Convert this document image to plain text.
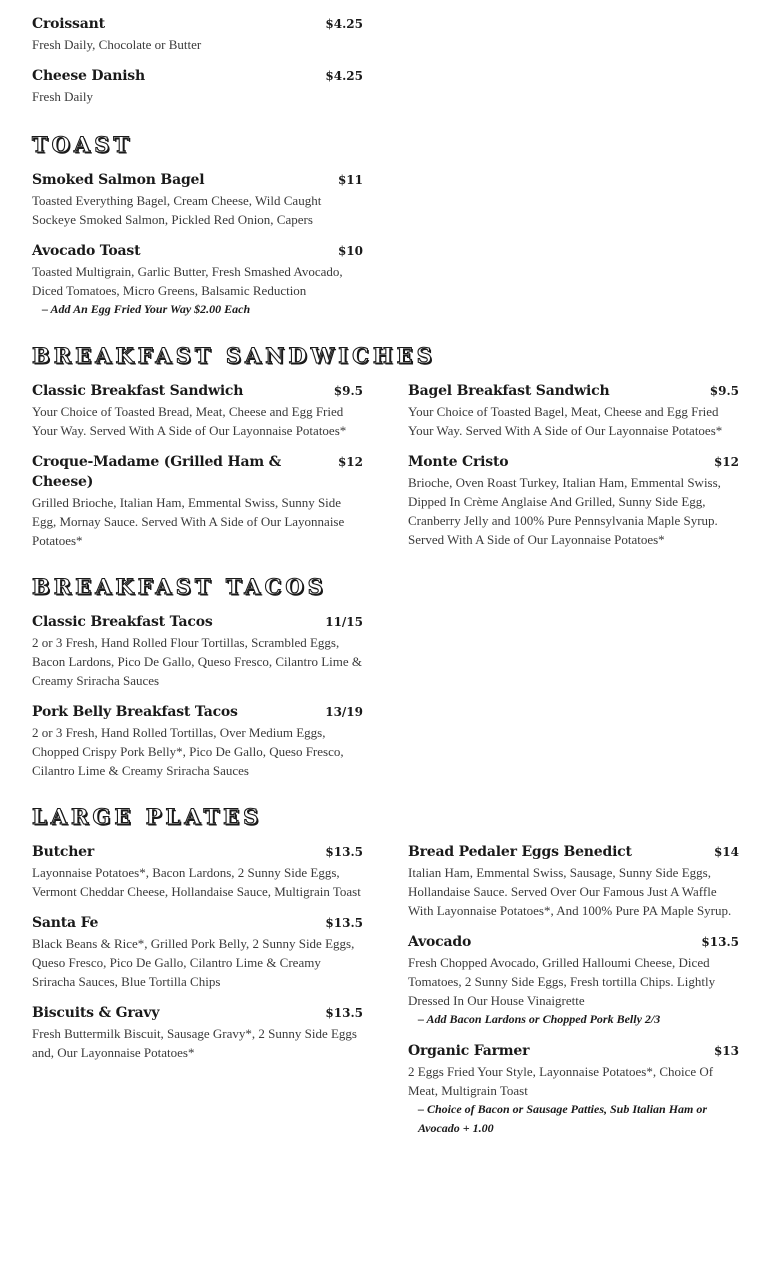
Croissant	$4.25
Fresh Daily, Chocolate or Butter
Cheese Danish	$4.25
Fresh Daily
TOAST
Smoked Salmon Bagel	$11
Toasted Everything Bagel, Cream Cheese, Wild Caught Sockeye Smoked Salmon, Pickled Red Onion, Capers
Avocado Toast	$10
Toasted Multigrain, Garlic Butter, Fresh Smashed Avocado, Diced Tomatoes, Micro Greens, Balsamic Reduction
– Add An Egg Fried Your Way $2.00 Each
BREAKFAST SANDWICHES
Classic Breakfast Sandwich	$9.5
Your Choice of Toasted Bread, Meat, Cheese and Egg Fried Your Way. Served With A Side of Our Layonnaise Potatoes*
Croque-Madame (Grilled Ham & Cheese)
$12
Grilled Brioche, Italian Ham, Emmental Swiss, Sunny Side Egg, Mornay Sauce. Served With A Side of Our Layonnaise Potatoes*
Bagel Breakfast Sandwich	$9.5
Your Choice of Toasted Bagel, Meat, Cheese and Egg Fried Your Way. Served With A Side of Our Layonnaise Potatoes*
Monte Cristo	$12
Brioche, Oven Roast Turkey, Italian Ham, Emmental Swiss, Dipped In Crème Anglaise And Grilled, Sunny Side Egg, Cranberry Jelly and 100% Pure Pennsylvania Maple Syrup. Served With A Side of Our Layonnaise Potatoes*
BREAKFAST TACOS
Classic Breakfast Tacos	11/15
2 or 3 Fresh, Hand Rolled Flour Tortillas, Scrambled Eggs, Bacon Lardons, Pico De Gallo, Queso Fresco, Cilantro Lime & Creamy Sriracha Sauces
Pork Belly Breakfast Tacos	13/19
2 or 3 Fresh, Hand Rolled Tortillas, Over Medium Eggs, Chopped Crispy Pork Belly*, Pico De Gallo, Queso Fresco, Cilantro Lime & Creamy Sriracha Sauces
LARGE PLATES
Butcher	$13.5
Layonnaise Potatoes*, Bacon Lardons, 2 Sunny Side Eggs, Vermont Cheddar Cheese, Hollandaise Sauce, Multigrain Toast
Santa Fe	$13.5
Black Beans & Rice*, Grilled Pork Belly, 2 Sunny Side Eggs, Queso Fresco, Pico De Gallo, Cilantro Lime & Creamy Sriracha Sauces, Blue Tortilla Chips
Biscuits & Gravy	$13.5
Fresh Buttermilk Biscuit, Sausage Gravy*, 2 Sunny Side Eggs and, Our Layonnaise Potatoes*
Bread Pedaler Eggs Benedict	$14
Italian Ham, Emmental Swiss, Sausage, Sunny Side Eggs, Hollandaise Sauce. Served Over Our Famous Just A Waffle With Layonnaise Potatoes*, And 100% Pure PA Maple Syrup.
Avocado	$13.5
Fresh Chopped Avocado, Grilled Halloumi Cheese, Diced Tomatoes, 2 Sunny Side Eggs, Fresh tortilla Chips. Lightly Dressed In Our House Vinaigrette
– Add Bacon Lardons or Chopped Pork Belly 2/3
Organic Farmer	$13
2 Eggs Fried Your Style, Layonnaise Potatoes*, Choice Of Meat, Multigrain Toast
– Choice of Bacon or Sausage Patties, Sub Italian Ham or Avocado + 1.00
